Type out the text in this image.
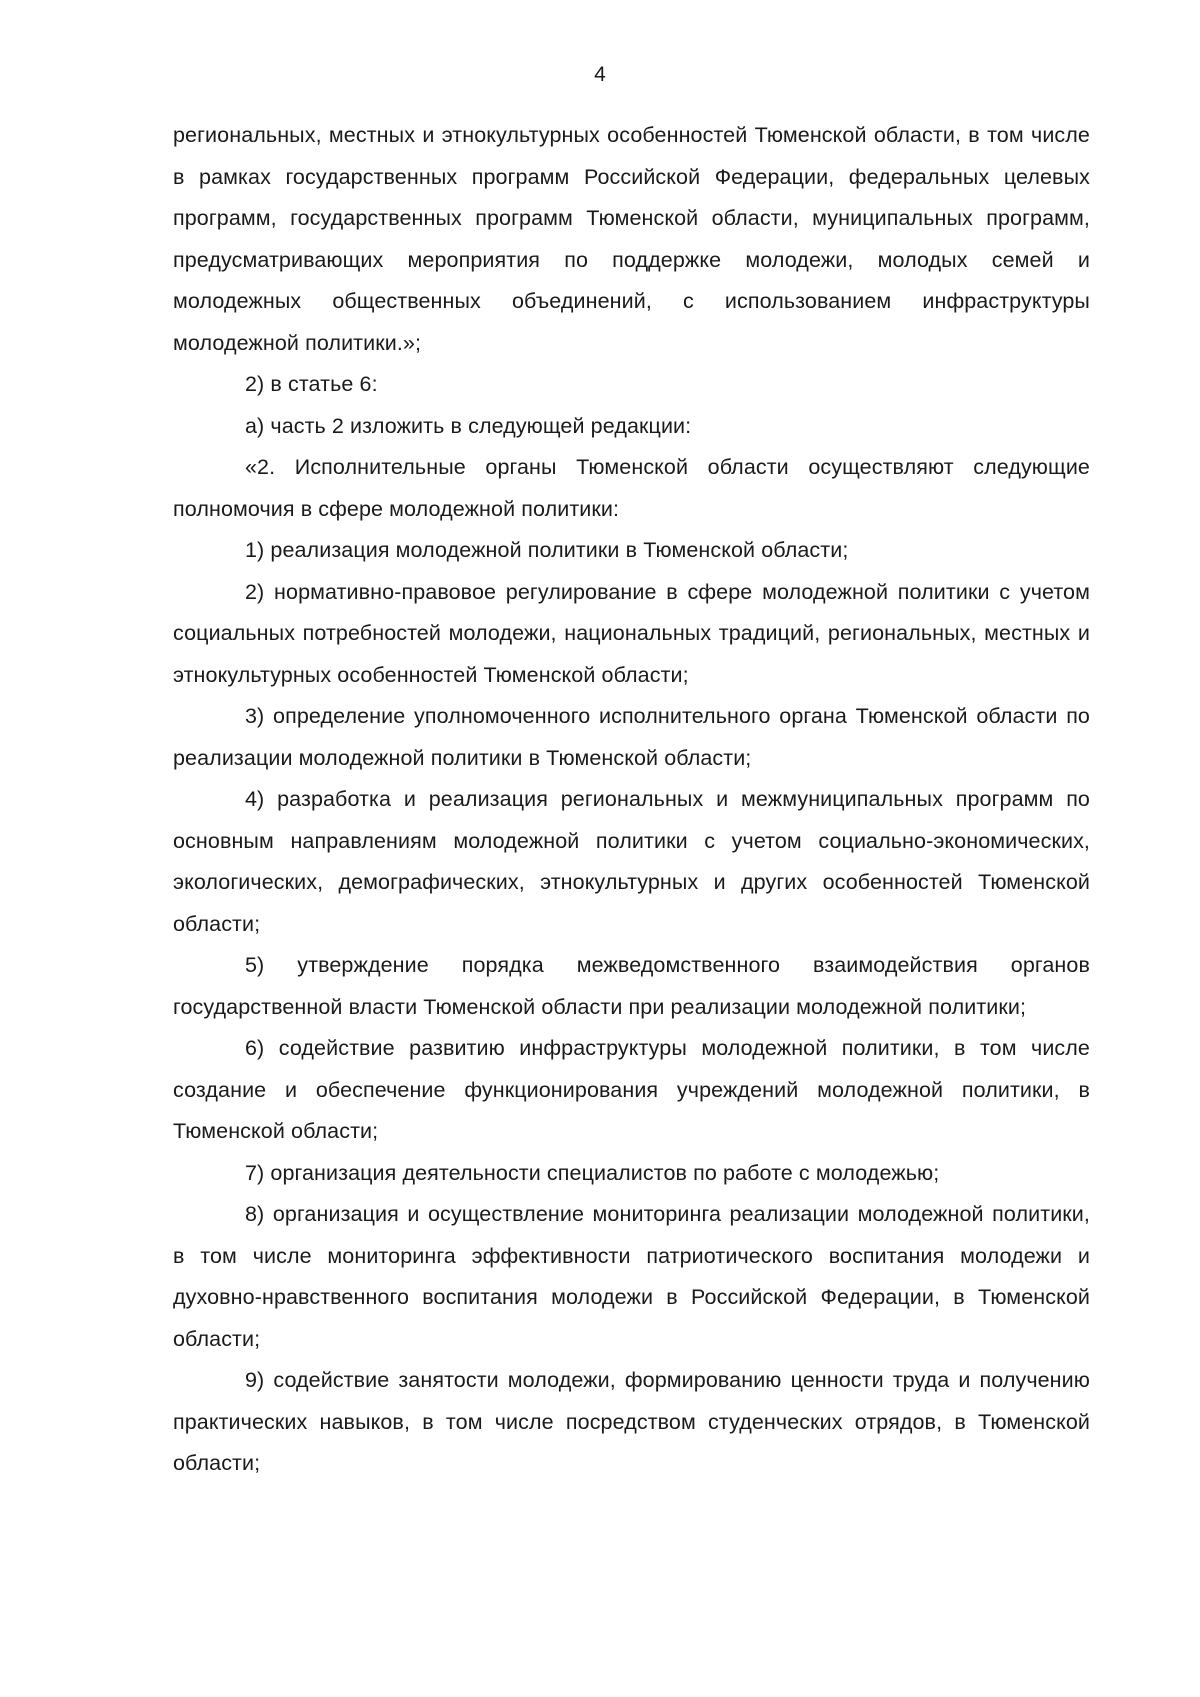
4

региональных, местных и этнокультурных особенностей Тюменской области, в том числе в рамках государственных программ Российской Федерации, федеральных целевых программ, государственных программ Тюменской области, муниципальных программ, предусматривающих мероприятия по поддержке молодежи, молодых семей и молодежных общественных объединений, с использованием инфраструктуры молодежной политики.»;

2) в статье 6:

а) часть 2 изложить в следующей редакции:

«2. Исполнительные органы Тюменской области осуществляют следующие полномочия в сфере молодежной политики:

1) реализация молодежной политики в Тюменской области;

2) нормативно-правовое регулирование в сфере молодежной политики с учетом социальных потребностей молодежи, национальных традиций, региональных, местных и этнокультурных особенностей Тюменской области;

3) определение уполномоченного исполнительного органа Тюменской области по реализации молодежной политики в Тюменской области;

4) разработка и реализация региональных и межмуниципальных программ по основным направлениям молодежной политики с учетом социально-экономических, экологических, демографических, этнокультурных и других особенностей Тюменской области;

5) утверждение порядка межведомственного взаимодействия органов государственной власти Тюменской области при реализации молодежной политики;

6) содействие развитию инфраструктуры молодежной политики, в том числе создание и обеспечение функционирования учреждений молодежной политики, в Тюменской области;

7) организация деятельности специалистов по работе с молодежью;

8) организация и осуществление мониторинга реализации молодежной политики, в том числе мониторинга эффективности патриотического воспитания молодежи и духовно-нравственного воспитания молодежи в Российской Федерации, в Тюменской области;

9) содействие занятости молодежи, формированию ценности труда и получению практических навыков, в том числе посредством студенческих отрядов, в Тюменской области;
